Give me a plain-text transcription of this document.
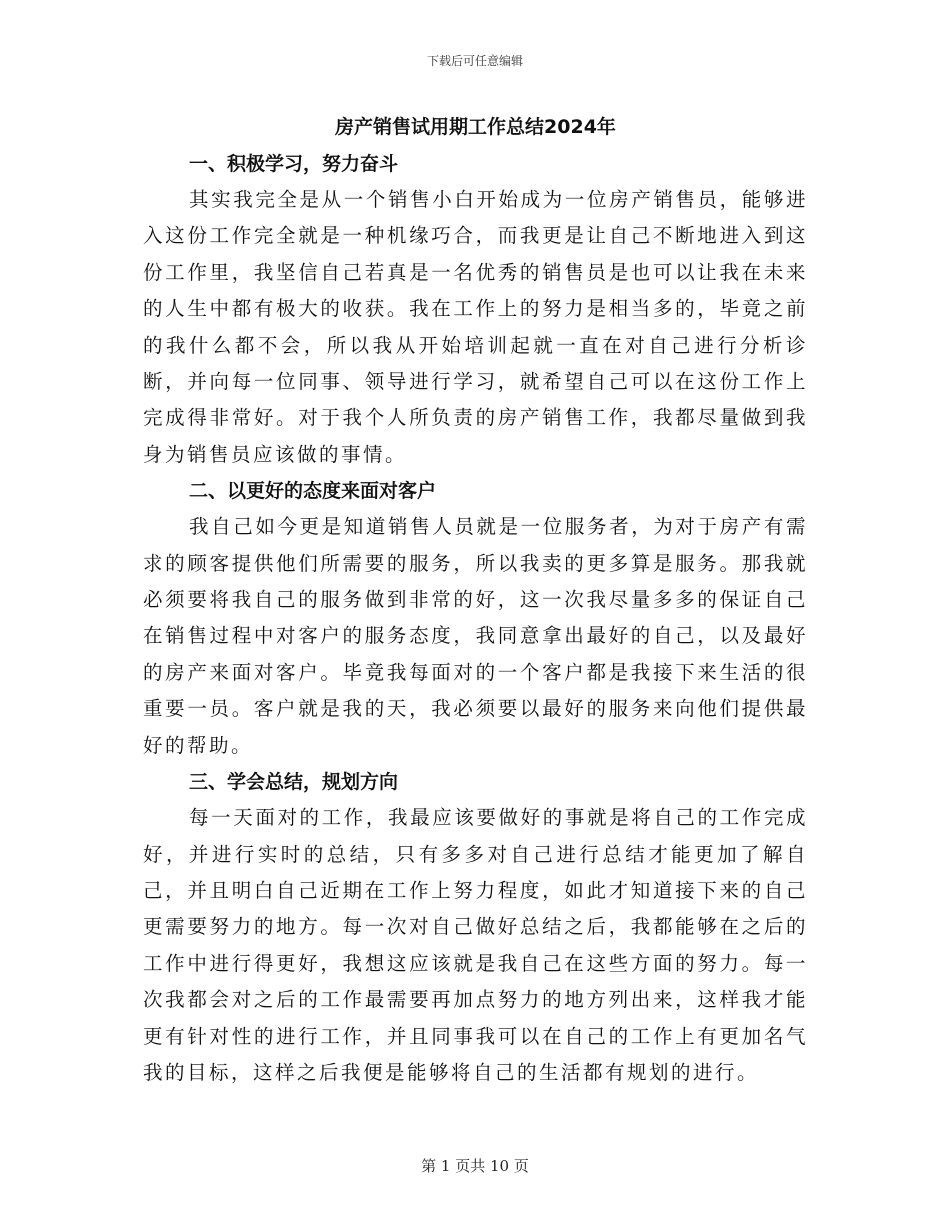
下载后可任意编辑
房产销售试用期工作总结2024年
一、积极学习，努力奋斗

其实我完全是从一个销售小白开始成为一位房产销售员，能够进入这份工作完全就是一种机缘巧合，而我更是让自己不断地进入到这份工作里，我坚信自己若真是一名优秀的销售员是也可以让我在未来的人生中都有极大的收获。我在工作上的努力是相当多的，毕竟之前的我什么都不会，所以我从开始培训起就一直在对自己进行分析诊断，并向每一位同事、领导进行学习，就希望自己可以在这份工作上完成得非常好。对于我个人所负责的房产销售工作，我都尽量做到我身为销售员应该做的事情。

二、以更好的态度来面对客户

我自己如今更是知道销售人员就是一位服务者，为对于房产有需求的顾客提供他们所需要的服务，所以我卖的更多算是服务。那我就必须要将我自己的服务做到非常的好，这一次我尽量多多的保证自己在销售过程中对客户的服务态度，我同意拿出最好的自己，以及最好的房产来面对客户。毕竟我每面对的一个客户都是我接下来生活的很重要一员。客户就是我的天，我必须要以最好的服务来向他们提供最好的帮助。

三、学会总结，规划方向

每一天面对的工作，我最应该要做好的事就是将自己的工作完成好，并进行实时的总结，只有多多对自己进行总结才能更加了解自己，并且明白自己近期在工作上努力程度，如此才知道接下来的自己更需要努力的地方。每一次对自己做好总结之后，我都能够在之后的工作中进行得更好，我想这应该就是我自己在这些方面的努力。每一次我都会对之后的工作最需要再加点努力的地方列出来，这样我才能更有针对性的进行工作，并且同事我可以在自己的工作上有更加名气我的目标，这样之后我便是能够将自己的生活都有规划的进行。

第 1 页共 10 页
